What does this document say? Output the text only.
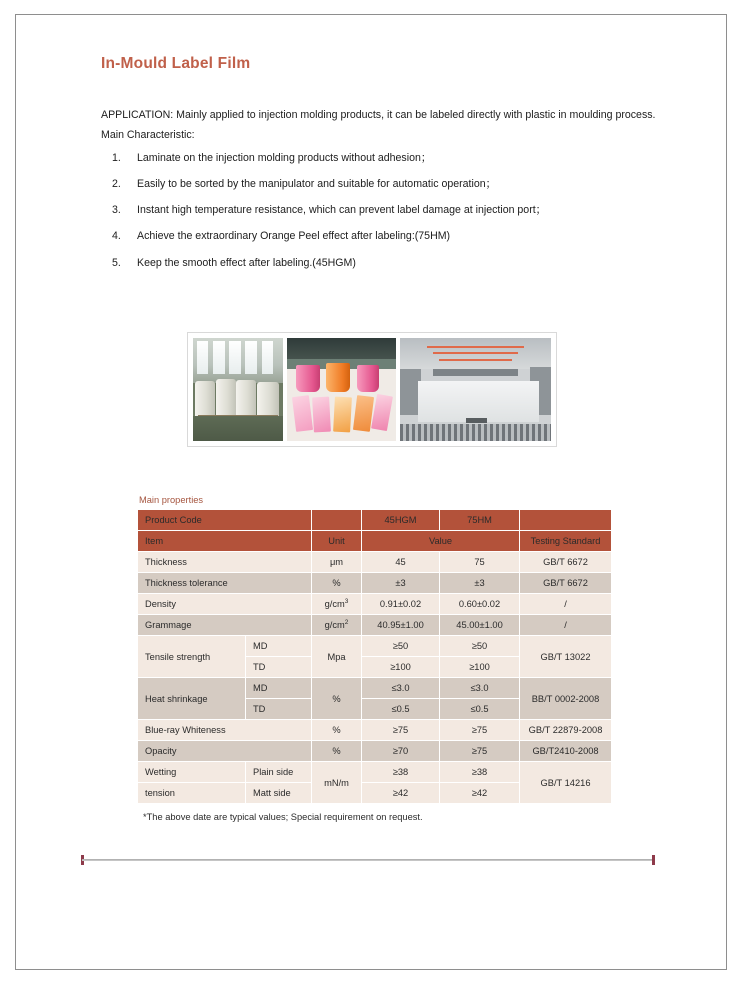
In-Mould Label Film
APPLICATION: Mainly applied to injection molding products, it can be labeled directly with plastic in moulding process.
Main Characteristic:
Laminate on the injection molding products without adhesion；
Easily to be sorted by the manipulator and suitable for automatic operation；
Instant high temperature resistance, which can prevent label damage at injection port；
Achieve the extraordinary Orange Peel effect after labeling:(75HM)
Keep the smooth effect after labeling.(45HGM)
Main properties
Product Code			45HGM	75HM	
Item		Unit	Value		Testing Standard
Thickness		μm	45	75	GB/T 6672
Thickness tolerance		%	±3	±3	GB/T 6672
Density		$g/cm^3$	0.91±0.02	0.60±0.02	/
Grammage		$g/cm^2$	40.95±1.00	45.00±1.00	/
Tensile strength	MD	Mpa	≥50	≥50	GB/T 13022
	TD		≥100	≥100	
Heat shrinkage	MD	%	≤3.0	≤3.0	BB/T 0002-2008
	TD		≤0.5	≤0.5	
Blue-ray Whiteness		%	≥75	≥75	GB/T 22879-2008
Opacity		%	≥70	≥75	GB/T2410-2008
Wetting	Plain side	mN/m	≥38	≥38	GB/T 14216
tension	Matt side		≥42	≥42	
*The above date are typical values; Special requirement on request.
